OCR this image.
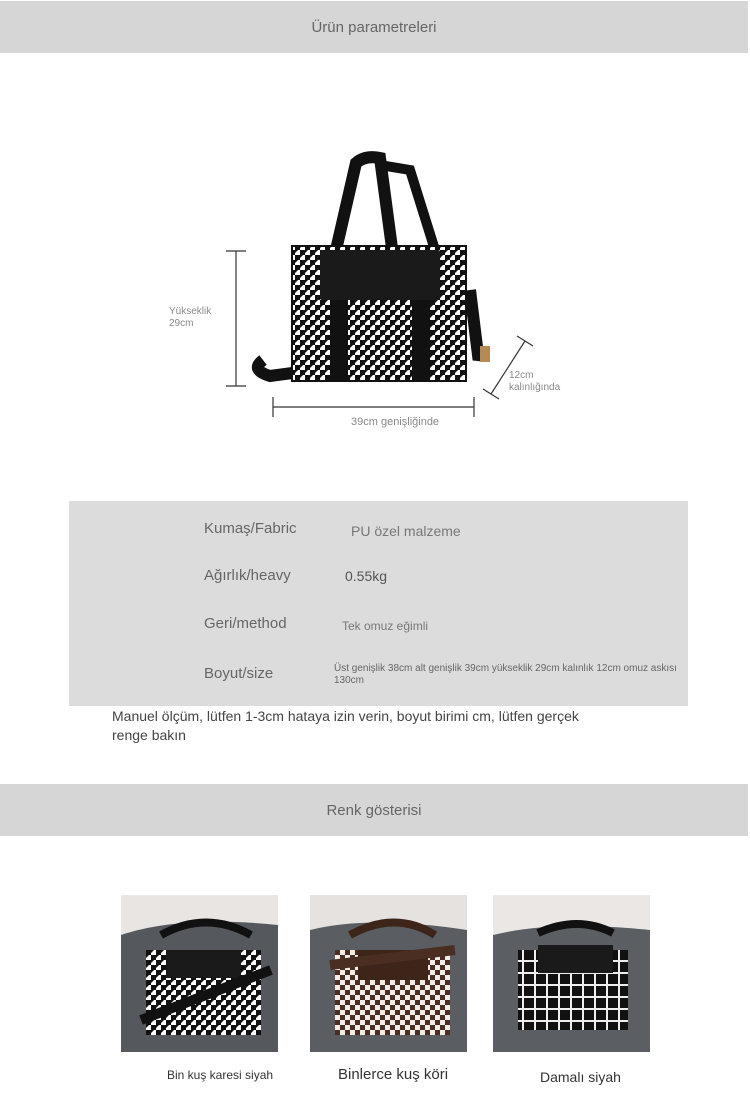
Ürün parametreleri
Yükseklik
29cm
39cm genişliğinde
12cm
kalınlığında
Kumaş/Fabric	PU özel malzeme
Ağırlık/heavy	0.55kg
Geri/method	Tek omuz eğimli
Boyut/size	Üst genişlik 38cm alt genişlik 39cm yükseklik 29cm kalınlık 12cm omuz askısı 130cm
Manuel ölçüm, lütfen 1-3cm hataya izin verin, boyut birimi cm, lütfen gerçek renge bakın
Renk gösterisi
Bin kuş karesi siyah	Binlerce kuş köri	Damalı siyah
